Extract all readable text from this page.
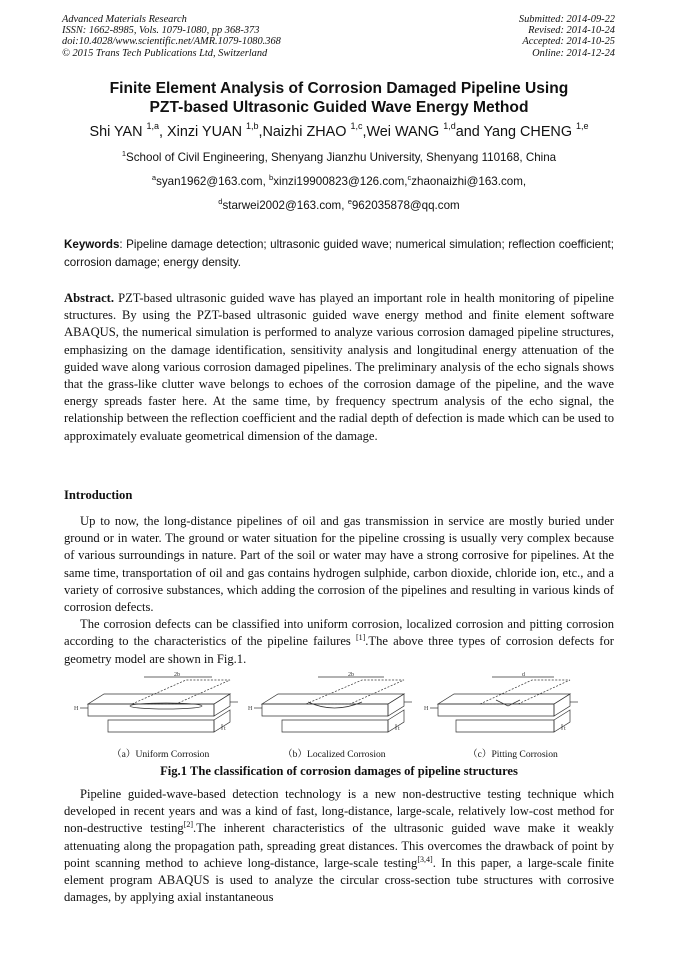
Advanced Materials Research
ISSN: 1662-8985, Vols. 1079-1080, pp 368-373
doi:10.4028/www.scientific.net/AMR.1079-1080.368
© 2015 Trans Tech Publications Ltd, Switzerland
Submitted: 2014-09-22
Revised: 2014-10-24
Accepted: 2014-10-25
Online: 2014-12-24
Finite Element Analysis of Corrosion Damaged Pipeline Using
PZT-based Ultrasonic Guided Wave Energy Method
Shi YAN $^{1,a}$, Xinzi YUAN $^{1,b}$,Naizhi ZHAO $^{1,c}$,Wei WANG $^{1,d}$and Yang CHENG $^{1,e}$
$^1$School of Civil Engineering, Shenyang Jianzhu University, Shenyang 110168, China
$^a$syan1962@163.com, $^b$xinzi19900823@126.com,$^c$zhaonaizhi@163.com,
$^d$starwei2002@163.com, $^e$962035878@qq.com
Keywords: Pipeline damage detection; ultrasonic guided wave; numerical simulation; reflection coefficient; corrosion damage; energy density.

Abstract. PZT-based ultrasonic guided wave has played an important role in health monitoring of pipeline structures. By using the PZT-based ultrasonic guided wave energy method and finite element software ABAQUS, the numerical simulation is performed to analyze various corrosion damaged pipeline structures, emphasizing on the damage identification, sensitivity analysis and longitudinal energy attenuation of the guided wave along various corrosion damaged pipelines. The preliminary analysis of the echo signals shows that the grass-like clutter wave belongs to echoes of the corrosion damage of the pipeline, and the wave energy spreads faster here. At the same time, by frequency spectrum analysis of the echo signal, the relationship between the reflection coefficient and the radial depth of defection is made which can be used to approximately evaluate geometrical dimension of the damage.

Introduction

Up to now, the long-distance pipelines of oil and gas transmission in service are mostly buried under ground or in water. The ground or water situation for the pipeline crossing is usually very complex because of various surroundings in nature. Part of the soil or water may have a strong corrosive for pipelines. At the same time, transportation of oil and gas contains hydrogen sulphide, carbon dioxide, chloride ion, etc., and a variety of corrosive substances, which adding the corrosion of the pipelines and resulting in various kinds of corrosion defects.

The corrosion defects can be classified into uniform corrosion, localized corrosion and pitting corrosion according to the characteristics of the pipeline failures [1].The above three types of corrosion defects for geometry model are shown in Fig.1.

2b	2b	d
H	H	H
t	t	t
（a）Uniform Corrosion	（b）Localized Corrosion	（c）Pitting Corrosion
Fig.1 The classification of corrosion damages of pipeline structures

Pipeline guided-wave-based detection technology is a new non-destructive testing technique which developed in recent years and was a kind of fast, long-distance, large-scale, relatively low-cost method for non-destructive testing[2].The inherent characteristics of the ultrasonic guided wave make it weakly attenuating along the propagation path, spreading great distances. This overcomes the drawback of point by point scanning method to achieve long-distance, large-scale testing[3,4]. In this paper, a large-scale finite element program ABAQUS is used to analyze the circular cross-section tube structures with corrosive damages, by applying axial instantaneous
